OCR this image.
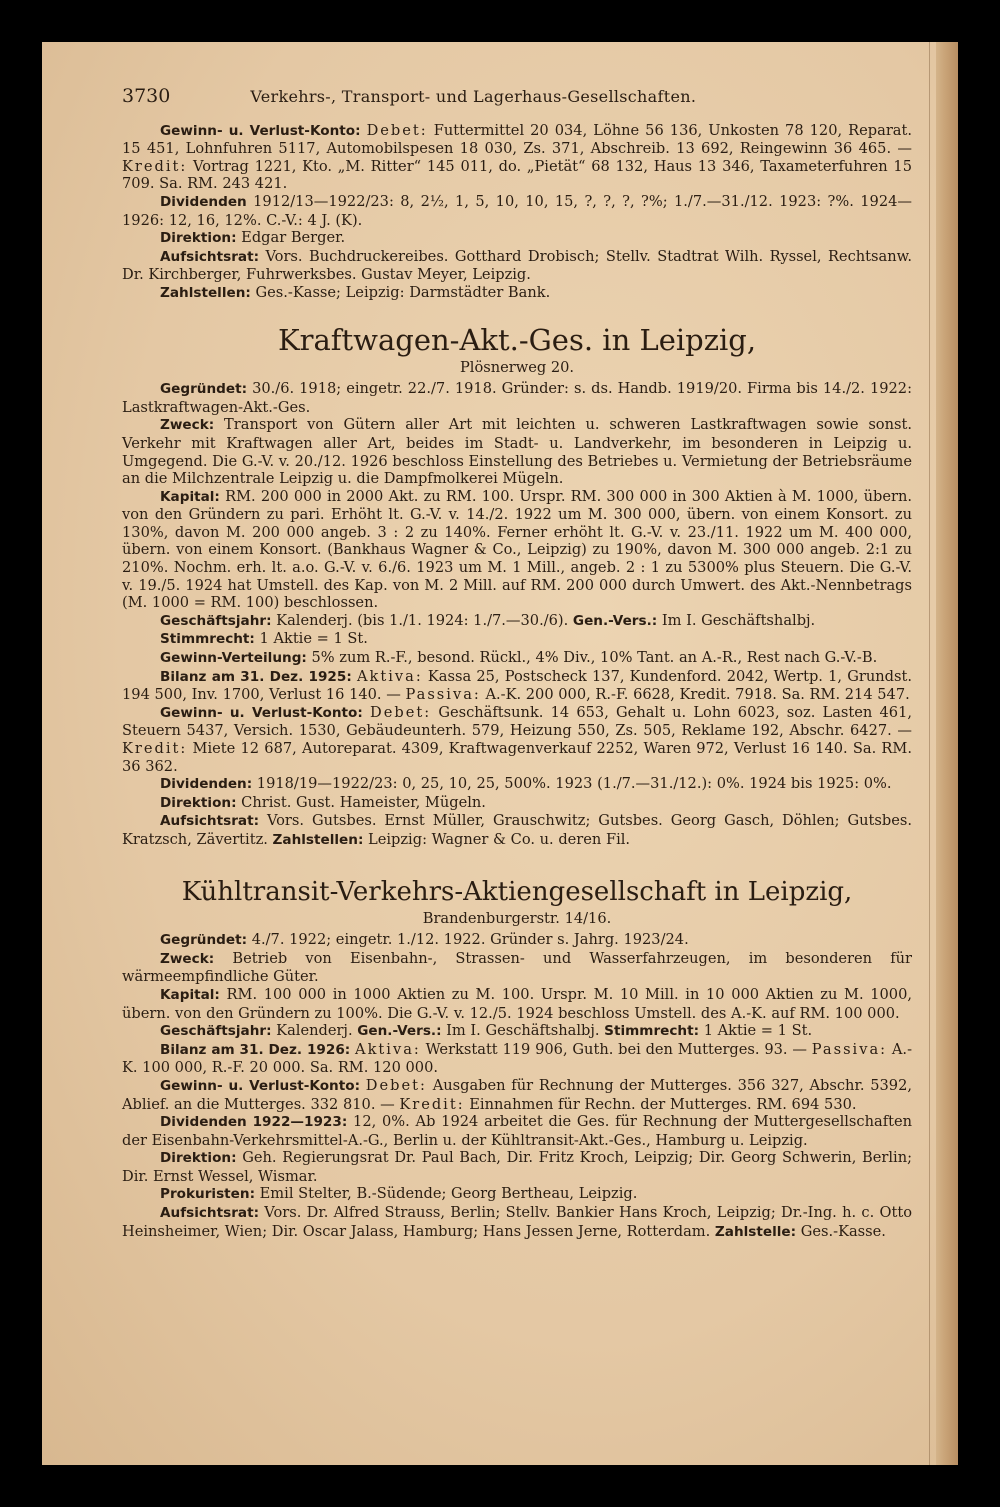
3730	Verkehrs-, Transport- und Lagerhaus-Gesellschaften.

Gewinn- u. Verlust-Konto: Debet: Futtermittel 20 034, Löhne 56 136, Unkosten 78 120, Reparat. 15 451, Lohnfuhren 5117, Automobilspesen 18 030, Zs. 371, Abschreib. 13 692, Reingewinn 36 465. — Kredit: Vortrag 1221, Kto. „M. Ritter“ 145 011, do. „Pietät“ 68 132, Haus 13 346, Taxameterfuhren 15 709. Sa. RM. 243 421.

Dividenden 1912/13—1922/23: 8, 2½, 1, 5, 10, 10, 15, ?, ?, ?, ?%; 1./7.—31./12. 1923: ?%. 1924—1926: 12, 16, 12%. C.-V.: 4 J. (K).

Direktion: Edgar Berger.

Aufsichtsrat: Vors. Buchdruckereibes. Gotthard Drobisch; Stellv. Stadtrat Wilh. Ryssel, Rechtsanw. Dr. Kirchberger, Fuhrwerksbes. Gustav Meyer, Leipzig.

Zahlstellen: Ges.-Kasse; Leipzig: Darmstädter Bank.

Kraftwagen-Akt.-Ges. in Leipzig,
Plösnerweg 20.

Gegründet: 30./6. 1918; eingetr. 22./7. 1918. Gründer: s. ds. Handb. 1919/20. Firma bis 14./2. 1922: Lastkraftwagen-Akt.-Ges.

Zweck: Transport von Gütern aller Art mit leichten u. schweren Lastkraftwagen sowie sonst. Verkehr mit Kraftwagen aller Art, beides im Stadt- u. Landverkehr, im besonderen in Leipzig u. Umgegend. Die G.-V. v. 20./12. 1926 beschloss Einstellung des Betriebes u. Vermietung der Betriebsräume an die Milchzentrale Leipzig u. die Dampfmolkerei Mügeln.

Kapital: RM. 200 000 in 2000 Akt. zu RM. 100. Urspr. RM. 300 000 in 300 Aktien à M. 1000, übern. von den Gründern zu pari. Erhöht lt. G.-V. v. 14./2. 1922 um M. 300 000, übern. von einem Konsort. zu 130%, davon M. 200 000 angeb. 3 : 2 zu 140%. Ferner erhöht lt. G.-V. v. 23./11. 1922 um M. 400 000, übern. von einem Konsort. (Bankhaus Wagner & Co., Leipzig) zu 190%, davon M. 300 000 angeb. 2:1 zu 210%. Nochm. erh. lt. a.o. G.-V. v. 6./6. 1923 um M. 1 Mill., angeb. 2 : 1 zu 5300% plus Steuern. Die G.-V. v. 19./5. 1924 hat Umstell. des Kap. von M. 2 Mill. auf RM. 200 000 durch Umwert. des Akt.-Nennbetrags (M. 1000 = RM. 100) beschlossen.

Geschäftsjahr: Kalenderj. (bis 1./1. 1924: 1./7.—30./6). Gen.-Vers.: Im I. Geschäftshalbj.

Stimmrecht: 1 Aktie = 1 St.

Gewinn-Verteilung: 5% zum R.-F., besond. Rückl., 4% Div., 10% Tant. an A.-R., Rest nach G.-V.-B.

Bilanz am 31. Dez. 1925: Aktiva: Kassa 25, Postscheck 137, Kundenford. 2042, Wertp. 1, Grundst. 194 500, Inv. 1700, Verlust 16 140. — Passiva: A.-K. 200 000, R.-F. 6628, Kredit. 7918. Sa. RM. 214 547.

Gewinn- u. Verlust-Konto: Debet: Geschäftsunk. 14 653, Gehalt u. Lohn 6023, soz. Lasten 461, Steuern 5437, Versich. 1530, Gebäudeunterh. 579, Heizung 550, Zs. 505, Reklame 192, Abschr. 6427. — Kredit: Miete 12 687, Autoreparat. 4309, Kraftwagenverkauf 2252, Waren 972, Verlust 16 140. Sa. RM. 36 362.

Dividenden: 1918/19—1922/23: 0, 25, 10, 25, 500%. 1923 (1./7.—31./12.): 0%. 1924 bis 1925: 0%.

Direktion: Christ. Gust. Hameister, Mügeln.

Aufsichtsrat: Vors. Gutsbes. Ernst Müller, Grauschwitz; Gutsbes. Georg Gasch, Döhlen; Gutsbes. Kratzsch, Zävertitz. Zahlstellen: Leipzig: Wagner & Co. u. deren Fil.

Kühltransit-Verkehrs-Aktiengesellschaft in Leipzig,
Brandenburgerstr. 14/16.

Gegründet: 4./7. 1922; eingetr. 1./12. 1922. Gründer s. Jahrg. 1923/24.

Zweck: Betrieb von Eisenbahn-, Strassen- und Wasserfahrzeugen, im besonderen für wärmeempfindliche Güter.

Kapital: RM. 100 000 in 1000 Aktien zu M. 100. Urspr. M. 10 Mill. in 10 000 Aktien zu M. 1000, übern. von den Gründern zu 100%. Die G.-V. v. 12./5. 1924 beschloss Umstell. des A.-K. auf RM. 100 000.

Geschäftsjahr: Kalenderj. Gen.-Vers.: Im I. Geschäftshalbj. Stimmrecht: 1 Aktie = 1 St.

Bilanz am 31. Dez. 1926: Aktiva: Werkstatt 119 906, Guth. bei den Mutterges. 93. — Passiva: A.-K. 100 000, R.-F. 20 000. Sa. RM. 120 000.

Gewinn- u. Verlust-Konto: Debet: Ausgaben für Rechnung der Mutterges. 356 327, Abschr. 5392, Ablief. an die Mutterges. 332 810. — Kredit: Einnahmen für Rechn. der Mutterges. RM. 694 530.

Dividenden 1922—1923: 12, 0%. Ab 1924 arbeitet die Ges. für Rechnung der Muttergesellschaften der Eisenbahn-Verkehrsmittel-A.-G., Berlin u. der Kühltransit-Akt.-Ges., Hamburg u. Leipzig.

Direktion: Geh. Regierungsrat Dr. Paul Bach, Dir. Fritz Kroch, Leipzig; Dir. Georg Schwerin, Berlin; Dir. Ernst Wessel, Wismar.

Prokuristen: Emil Stelter, B.-Südende; Georg Bertheau, Leipzig.

Aufsichtsrat: Vors. Dr. Alfred Strauss, Berlin; Stellv. Bankier Hans Kroch, Leipzig; Dr.-Ing. h. c. Otto Heinsheimer, Wien; Dir. Oscar Jalass, Hamburg; Hans Jessen Jerne, Rotterdam. Zahlstelle: Ges.-Kasse.
